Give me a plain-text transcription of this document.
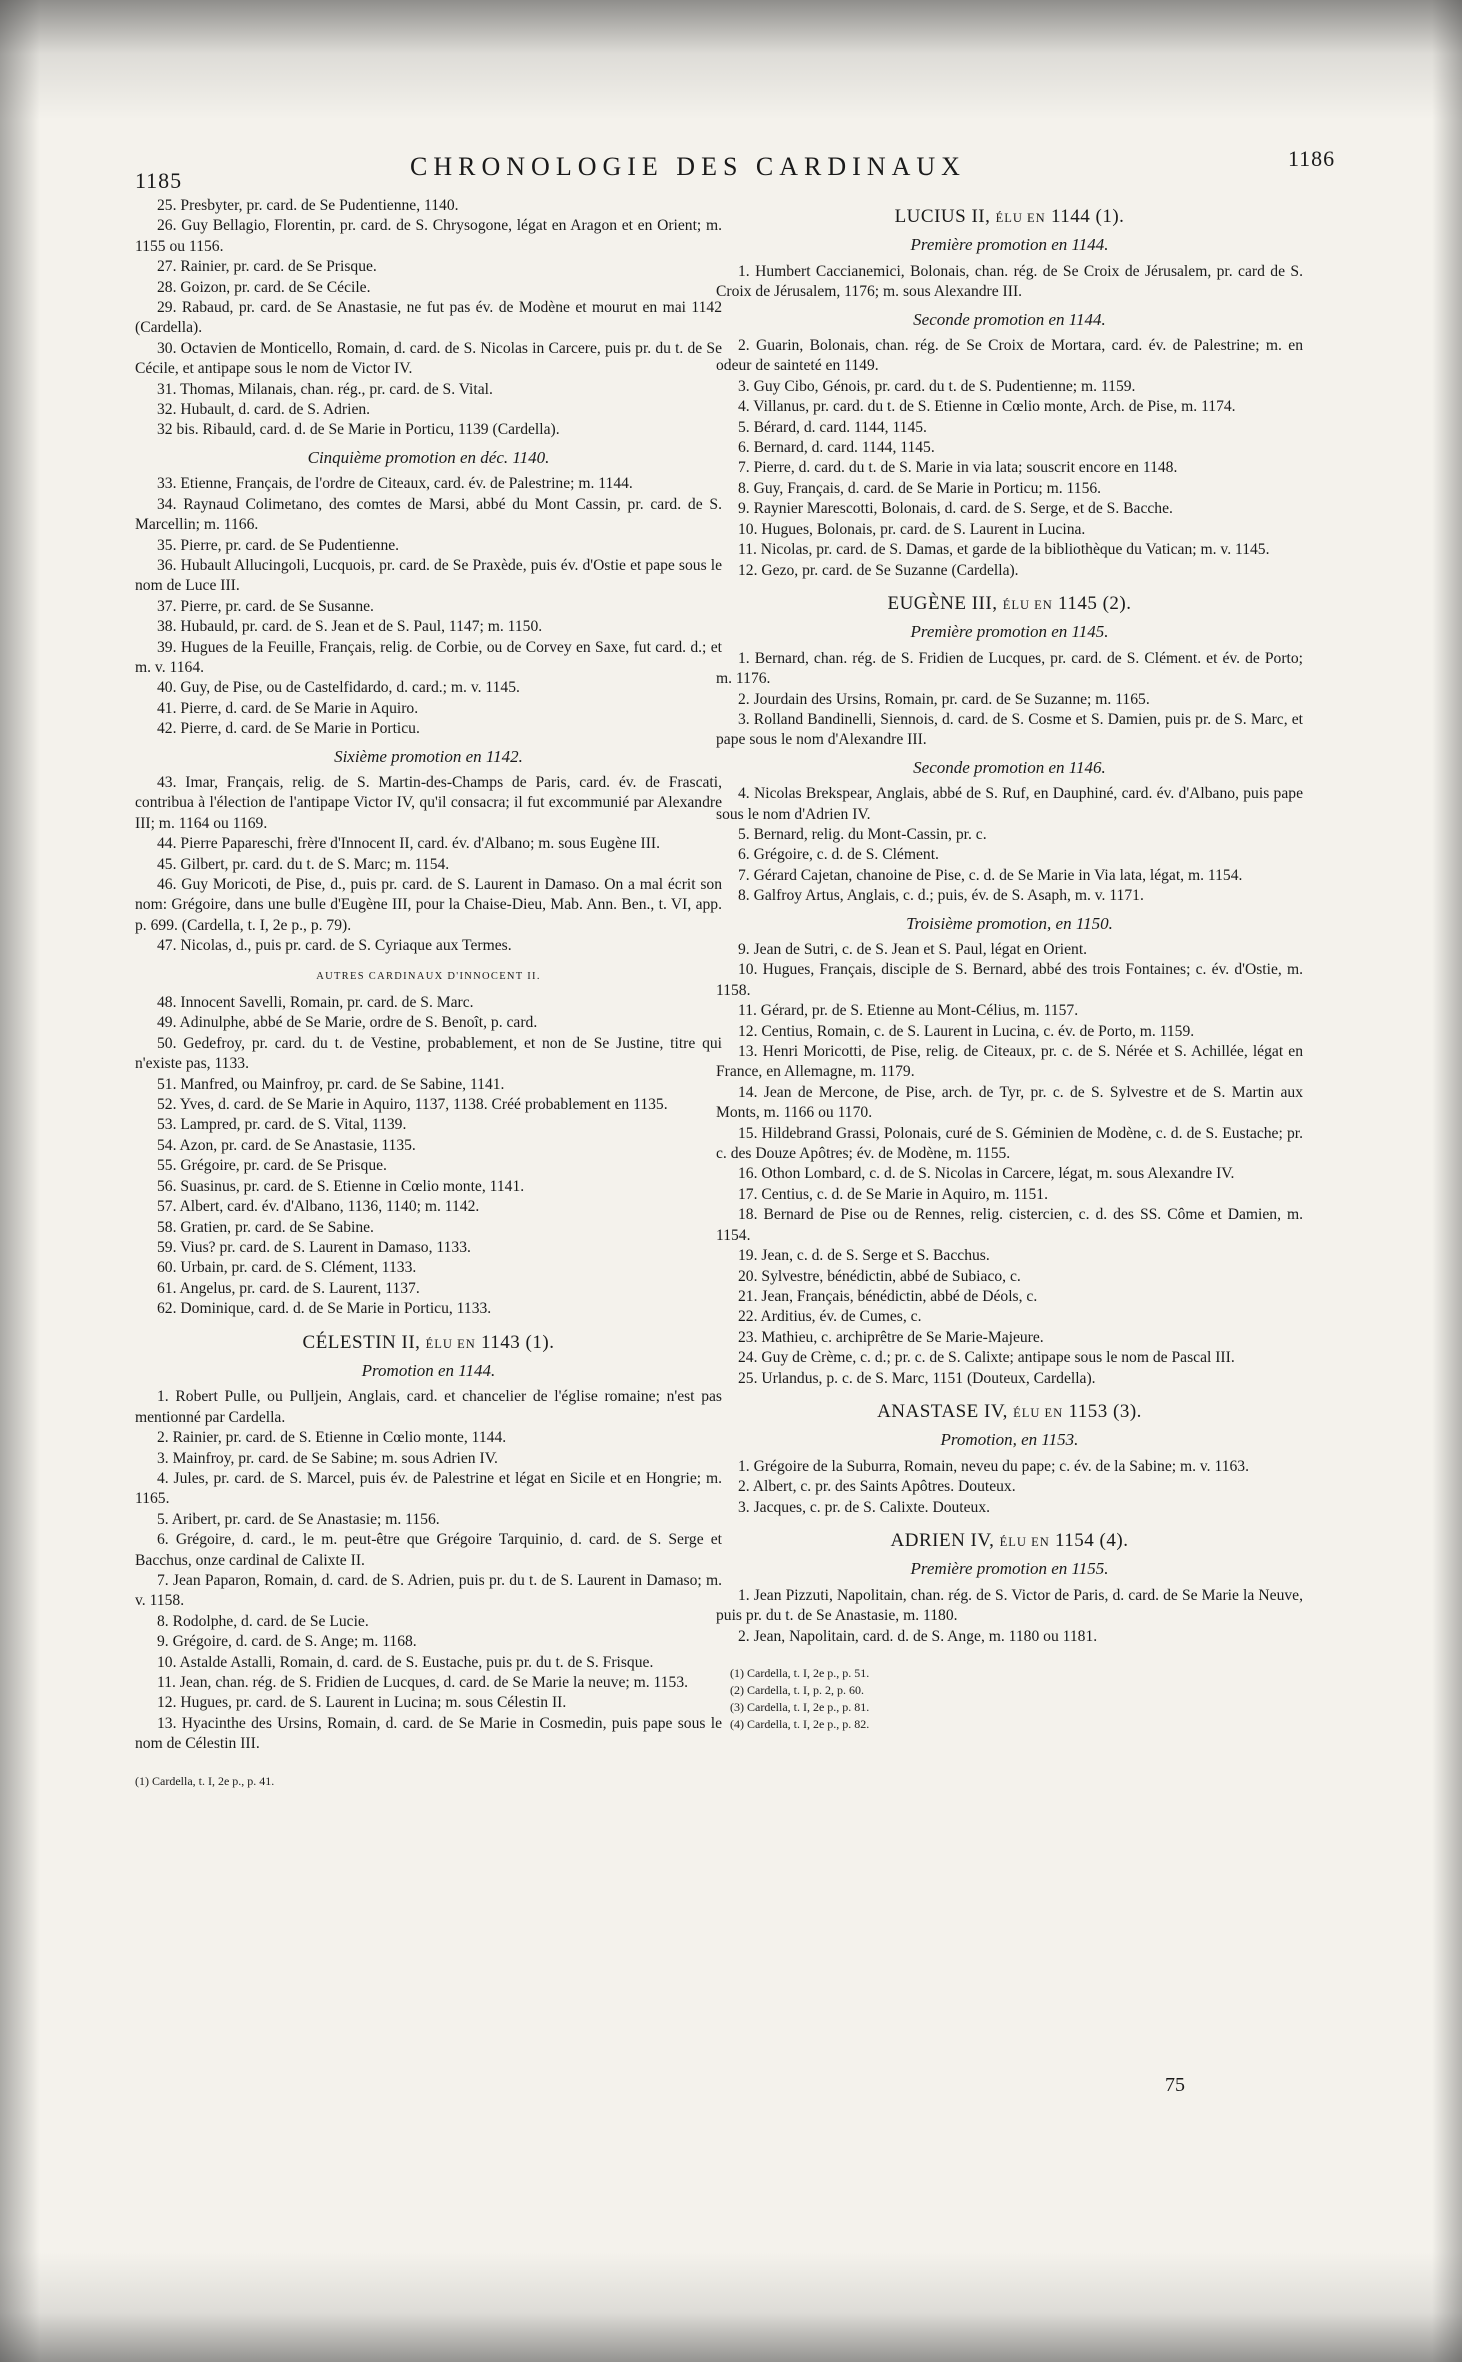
1185	CHRONOLOGIE DES CARDINAUX	1186

25. Presbyter, pr. card. de Se Pudentienne, 1140.

26. Guy Bellagio, Florentin, pr. card. de S. Chrysogone, légat en Aragon et en Orient; m. 1155 ou 1156.

27. Rainier, pr. card. de Se Prisque.

28. Goizon, pr. card. de Se Cécile.

29. Rabaud, pr. card. de Se Anastasie, ne fut pas év. de Modène et mourut en mai 1142 (Cardella).

30. Octavien de Monticello, Romain, d. card. de S. Nicolas in Carcere, puis pr. du t. de Se Cécile, et antipape sous le nom de Victor IV.

31. Thomas, Milanais, chan. rég., pr. card. de S. Vital.

32. Hubault, d. card. de S. Adrien.

32 bis. Ribauld, card. d. de Se Marie in Porticu, 1139 (Cardella).

Cinquième promotion en déc. 1140.

33. Etienne, Français, de l'ordre de Citeaux, card. év. de Palestrine; m. 1144.

34. Raynaud Colimetano, des comtes de Marsi, abbé du Mont Cassin, pr. card. de S. Marcellin; m. 1166.

35. Pierre, pr. card. de Se Pudentienne.

36. Hubault Allucingoli, Lucquois, pr. card. de Se Praxède, puis év. d'Ostie et pape sous le nom de Luce III.

37. Pierre, pr. card. de Se Susanne.

38. Hubauld, pr. card. de S. Jean et de S. Paul, 1147; m. 1150.

39. Hugues de la Feuille, Français, relig. de Corbie, ou de Corvey en Saxe, fut card. d.; et m. v. 1164.

40. Guy, de Pise, ou de Castelfidardo, d. card.; m. v. 1145.

41. Pierre, d. card. de Se Marie in Aquiro.

42. Pierre, d. card. de Se Marie in Porticu.

Sixième promotion en 1142.

43. Imar, Français, relig. de S. Martin-des-Champs de Paris, card. év. de Frascati, contribua à l'élection de l'antipape Victor IV, qu'il consacra; il fut excommunié par Alexandre III; m. 1164 ou 1169.

44. Pierre Papareschi, frère d'Innocent II, card. év. d'Albano; m. sous Eugène III.

45. Gilbert, pr. card. du t. de S. Marc; m. 1154.

46. Guy Moricoti, de Pise, d., puis pr. card. de S. Laurent in Damaso. On a mal écrit son nom: Grégoire, dans une bulle d'Eugène III, pour la Chaise-Dieu, Mab. Ann. Ben., t. VI, app. p. 699. (Cardella, t. I, 2e p., p. 79).

47. Nicolas, d., puis pr. card. de S. Cyriaque aux Termes.

AUTRES CARDINAUX D'INNOCENT II.

48. Innocent Savelli, Romain, pr. card. de S. Marc.

49. Adinulphe, abbé de Se Marie, ordre de S. Benoît, p. card.

50. Gedefroy, pr. card. du t. de Vestine, probablement, et non de Se Justine, titre qui n'existe pas, 1133.

51. Manfred, ou Mainfroy, pr. card. de Se Sabine, 1141.

52. Yves, d. card. de Se Marie in Aquiro, 1137, 1138. Créé probablement en 1135.

53. Lampred, pr. card. de S. Vital, 1139.

54. Azon, pr. card. de Se Anastasie, 1135.

55. Grégoire, pr. card. de Se Prisque.

56. Suasinus, pr. card. de S. Etienne in Cœlio monte, 1141.

57. Albert, card. év. d'Albano, 1136, 1140; m. 1142.

58. Gratien, pr. card. de Se Sabine.

59. Vius? pr. card. de S. Laurent in Damaso, 1133.

60. Urbain, pr. card. de S. Clément, 1133.

61. Angelus, pr. card. de S. Laurent, 1137.

62. Dominique, card. d. de Se Marie in Porticu, 1133.

CÉLESTIN II, ÉLU EN 1143 (1).
Promotion en 1144.

1. Robert Pulle, ou Pulljein, Anglais, card. et chancelier de l'église romaine; n'est pas mentionné par Cardella.

2. Rainier, pr. card. de S. Etienne in Cœlio monte, 1144.

3. Mainfroy, pr. card. de Se Sabine; m. sous Adrien IV.

4. Jules, pr. card. de S. Marcel, puis év. de Palestrine et légat en Sicile et en Hongrie; m. 1165.

5. Aribert, pr. card. de Se Anastasie; m. 1156.

6. Grégoire, d. card., le m. peut-être que Grégoire Tarquinio, d. card. de S. Serge et Bacchus, onze cardinal de Calixte II.

7. Jean Paparon, Romain, d. card. de S. Adrien, puis pr. du t. de S. Laurent in Damaso; m. v. 1158.

8. Rodolphe, d. card. de Se Lucie.

9. Grégoire, d. card. de S. Ange; m. 1168.

10. Astalde Astalli, Romain, d. card. de S. Eustache, puis pr. du t. de S. Frisque.

11. Jean, chan. rég. de S. Fridien de Lucques, d. card. de Se Marie la neuve; m. 1153.

12. Hugues, pr. card. de S. Laurent in Lucina; m. sous Célestin II.

13. Hyacinthe des Ursins, Romain, d. card. de Se Marie in Cosmedin, puis pape sous le nom de Célestin III.

(1) Cardella, t. I, 2e p., p. 41.

LUCIUS II, ÉLU EN 1144 (1).
Première promotion en 1144.

1. Humbert Caccianemici, Bolonais, chan. rég. de Se Croix de Jérusalem, pr. card de S. Croix de Jérusalem, 1176; m. sous Alexandre III.

Seconde promotion en 1144.

2. Guarin, Bolonais, chan. rég. de Se Croix de Mortara, card. év. de Palestrine; m. en odeur de sainteté en 1149.

3. Guy Cibo, Génois, pr. card. du t. de S. Pudentienne; m. 1159.

4. Villanus, pr. card. du t. de S. Etienne in Cœlio monte, Arch. de Pise, m. 1174.

5. Bérard, d. card. 1144, 1145.

6. Bernard, d. card. 1144, 1145.

7. Pierre, d. card. du t. de S. Marie in via lata; souscrit encore en 1148.

8. Guy, Français, d. card. de Se Marie in Porticu; m. 1156.

9. Raynier Marescotti, Bolonais, d. card. de S. Serge, et de S. Bacche.

10. Hugues, Bolonais, pr. card. de S. Laurent in Lucina.

11. Nicolas, pr. card. de S. Damas, et garde de la bibliothèque du Vatican; m. v. 1145.

12. Gezo, pr. card. de Se Suzanne (Cardella).

EUGÈNE III, ÉLU EN 1145 (2).
Première promotion en 1145.

1. Bernard, chan. rég. de S. Fridien de Lucques, pr. card. de S. Clément. et év. de Porto; m. 1176.

2. Jourdain des Ursins, Romain, pr. card. de Se Suzanne; m. 1165.

3. Rolland Bandinelli, Siennois, d. card. de S. Cosme et S. Damien, puis pr. de S. Marc, et pape sous le nom d'Alexandre III.

Seconde promotion en 1146.

4. Nicolas Brekspear, Anglais, abbé de S. Ruf, en Dauphiné, card. év. d'Albano, puis pape sous le nom d'Adrien IV.

5. Bernard, relig. du Mont-Cassin, pr. c.

6. Grégoire, c. d. de S. Clément.

7. Gérard Cajetan, chanoine de Pise, c. d. de Se Marie in Via lata, légat, m. 1154.

8. Galfroy Artus, Anglais, c. d.; puis, év. de S. Asaph, m. v. 1171.

Troisième promotion, en 1150.

9. Jean de Sutri, c. de S. Jean et S. Paul, légat en Orient.

10. Hugues, Français, disciple de S. Bernard, abbé des trois Fontaines; c. év. d'Ostie, m. 1158.

11. Gérard, pr. de S. Etienne au Mont-Célius, m. 1157.

12. Centius, Romain, c. de S. Laurent in Lucina, c. év. de Porto, m. 1159.

13. Henri Moricotti, de Pise, relig. de Citeaux, pr. c. de S. Nérée et S. Achillée, légat en France, en Allemagne, m. 1179.

14. Jean de Mercone, de Pise, arch. de Tyr, pr. c. de S. Sylvestre et de S. Martin aux Monts, m. 1166 ou 1170.

15. Hildebrand Grassi, Polonais, curé de S. Géminien de Modène, c. d. de S. Eustache; pr. c. des Douze Apôtres; év. de Modène, m. 1155.

16. Othon Lombard, c. d. de S. Nicolas in Carcere, légat, m. sous Alexandre IV.

17. Centius, c. d. de Se Marie in Aquiro, m. 1151.

18. Bernard de Pise ou de Rennes, relig. cistercien, c. d. des SS. Côme et Damien, m. 1154.

19. Jean, c. d. de S. Serge et S. Bacchus.

20. Sylvestre, bénédictin, abbé de Subiaco, c.

21. Jean, Français, bénédictin, abbé de Déols, c.

22. Arditius, év. de Cumes, c.

23. Mathieu, c. archiprêtre de Se Marie-Majeure.

24. Guy de Crème, c. d.; pr. c. de S. Calixte; antipape sous le nom de Pascal III.

25. Urlandus, p. c. de S. Marc, 1151 (Douteux, Cardella).

ANASTASE IV, ÉLU EN 1153 (3).
Promotion, en 1153.

1. Grégoire de la Suburra, Romain, neveu du pape; c. év. de la Sabine; m. v. 1163.

2. Albert, c. pr. des Saints Apôtres. Douteux.

3. Jacques, c. pr. de S. Calixte. Douteux.

ADRIEN IV, ÉLU EN 1154 (4).
Première promotion en 1155.

1. Jean Pizzuti, Napolitain, chan. rég. de S. Victor de Paris, d. card. de Se Marie la Neuve, puis pr. du t. de Se Anastasie, m. 1180.

2. Jean, Napolitain, card. d. de S. Ange, m. 1180 ou 1181.

(1) Cardella, t. I, 2e p., p. 51.

(2) Cardella, t. I, p. 2, p. 60.

(3) Cardella, t. I, 2e p., p. 81.

(4) Cardella, t. I, 2e p., p. 82.

75
